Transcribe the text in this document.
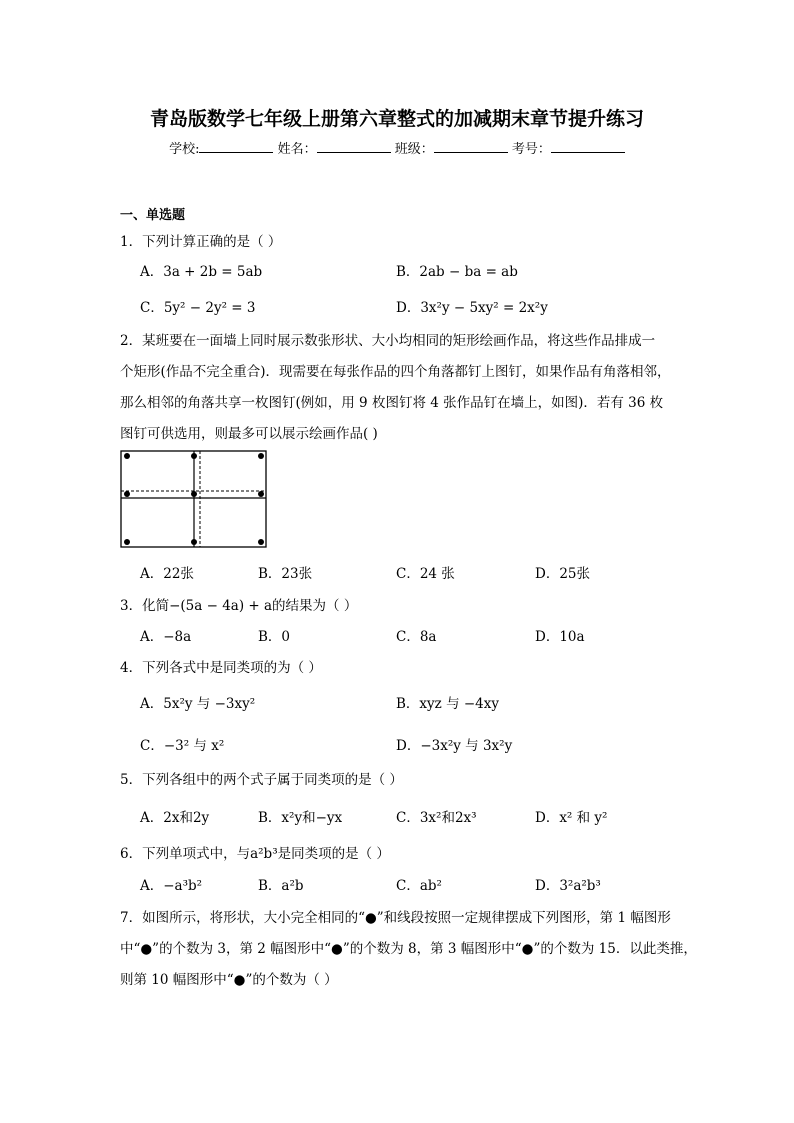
青岛版数学七年级上册第六章整式的加减期末章节提升练习
学校:	姓名：	班级：	考号：
一、单选题
1．下列计算正确的是（ ）
A．3a + 2b = 5ab	B．2ab − ba = ab
C．5y² − 2y² = 3	D．3x²y − 5xy² = 2x²y
2．某班要在一面墙上同时展示数张形状、大小均相同的矩形绘画作品，将这些作品排成一
个矩形(作品不完全重合)．现需要在每张作品的四个角落都钉上图钉，如果作品有角落相邻，
那么相邻的角落共享一枚图钉(例如，用 9 枚图钉将 4 张作品钉在墙上，如图)．若有 36 枚
图钉可供选用，则最多可以展示绘画作品( )
A．22张	B．23张	C．24 张	D．25张
3．化简−(5a − 4a) + a的结果为（ ）
A．−8a	B．0	C．8a	D．10a
4．下列各式中是同类项的为（ ）
A．5x²y 与 −3xy²	B．xyz 与 −4xy
C．−3² 与 x²	D．−3x²y 与 3x²y
5．下列各组中的两个式子属于同类项的是（ ）
A．2x和2y	B．x²y和−yx	C．3x²和2x³	D．x² 和 y²
6．下列单项式中，与a²b³是同类项的是（ ）
A．−a³b²	B．a²b	C．ab²	D．3²a²b³
7．如图所示，将形状，大小完全相同的“●”和线段按照一定规律摆成下列图形，第 1 幅图形
中“●”的个数为 3，第 2 幅图形中“●”的个数为 8，第 3 幅图形中“●”的个数为 15．以此类推，
则第 10 幅图形中“●”的个数为（ ）
